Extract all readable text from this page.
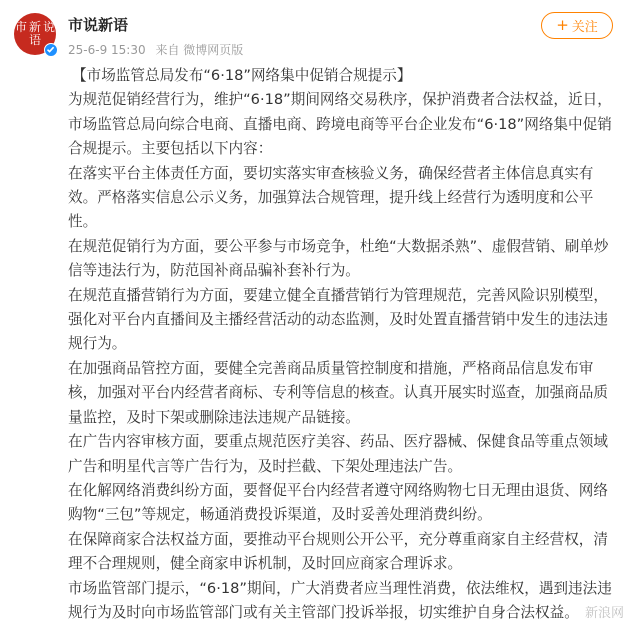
市 新 说
语
市说新语
25-6-9 15:30 来自 微博网页版
+ 关注

【市场监管总局发布“6·18”网络集中促销合规提示】

为规范促销经营行为，维护“6·18”期间网络交易秩序，保护消费者合法权益，近日，市场监管总局向综合电商、直播电商、跨境电商等平台企业发布“6·18”网络集中促销合规提示。主要包括以下内容：

在落实平台主体责任方面，要切实落实审查核验义务，确保经营者主体信息真实有效。严格落实信息公示义务，加强算法合规管理，提升线上经营行为透明度和公平性。

在规范促销行为方面，要公平参与市场竞争，杜绝“大数据杀熟”、虚假营销、刷单炒信等违法行为，防范国补商品骗补套补行为。

在规范直播营销行为方面，要建立健全直播营销行为管理规范，完善风险识别模型，强化对平台内直播间及主播经营活动的动态监测，及时处置直播营销中发生的违法违规行为。

在加强商品管控方面，要健全完善商品质量管控制度和措施，严格商品信息发布审核，加强对平台内经营者商标、专利等信息的核查。认真开展实时巡查，加强商品质量监控，及时下架或删除违法违规产品链接。

在广告内容审核方面，要重点规范医疗美容、药品、医疗器械、保健食品等重点领域广告和明星代言等广告行为，及时拦截、下架处理违法广告。

在化解网络消费纠纷方面，要督促平台内经营者遵守网络购物七日无理由退货、网络购物“三包”等规定，畅通消费投诉渠道，及时妥善处理消费纠纷。

在保障商家合法权益方面，要推动平台规则公开公平，充分尊重商家自主经营权，清理不合理规则，健全商家申诉机制，及时回应商家合理诉求。

市场监管部门提示，“6·18”期间，广大消费者应当理性消费，依法维权，遇到违法违规行为及时向市场监管部门或有关主管部门投诉举报，切实维护自身合法权益。 新浪网
